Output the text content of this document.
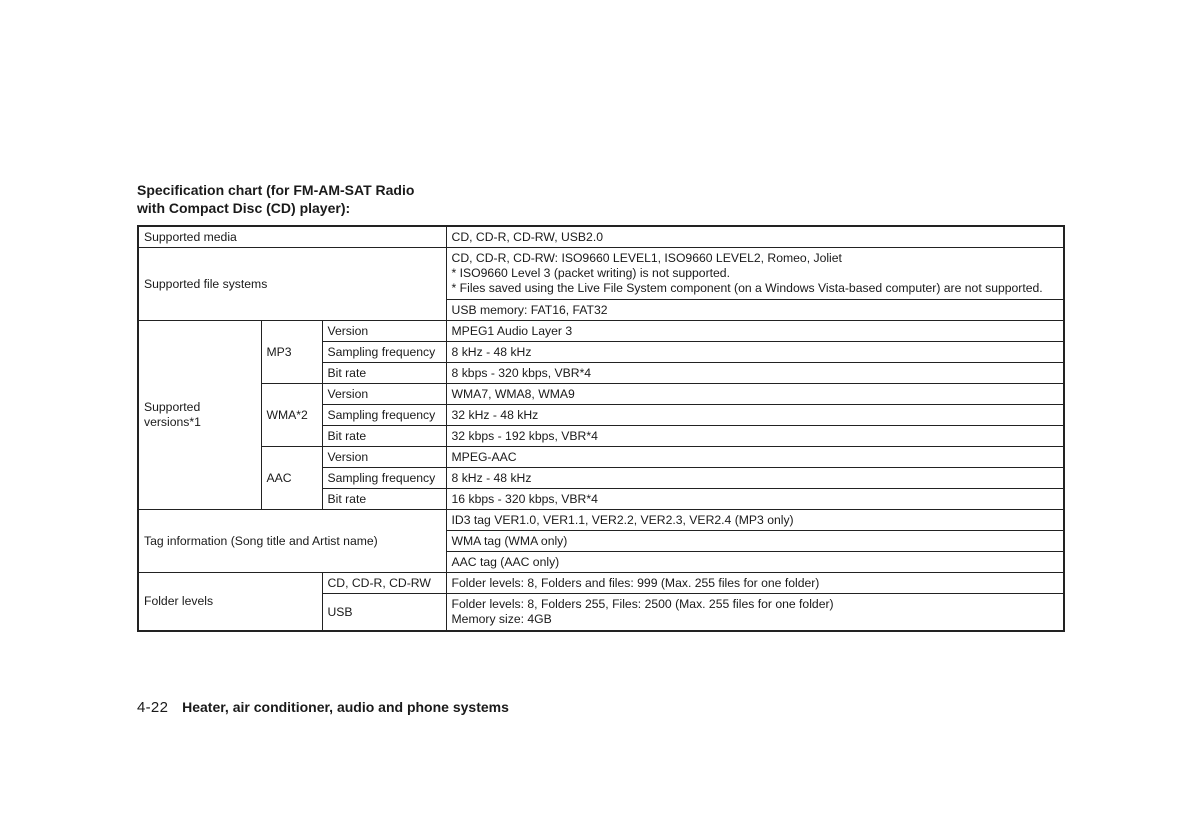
Specification chart (for FM-AM-SAT Radio
with Compact Disc (CD) player):
Supported media			CD, CD-R, CD-RW, USB2.0
Supported file systems			CD, CD-R, CD-RW: ISO9660 LEVEL1, ISO9660 LEVEL2, Romeo, Joliet
* ISO9660 Level 3 (packet writing) is not supported.
* Files saved using the Live File System component (on a Windows Vista-based computer) are not supported.

			USB memory: FAT16, FAT32

Supported
versions*1	MP3	Version	MPEG1 Audio Layer 3
		Sampling frequency	8 kHz - 48 kHz
		Bit rate	8 kbps - 320 kbps, VBR*4
	WMA*2	Version	WMA7, WMA8, WMA9
		Sampling frequency	32 kHz - 48 kHz
		Bit rate	32 kbps - 192 kbps, VBR*4
	AAC	Version	MPEG-AAC
		Sampling frequency	8 kHz - 48 kHz
		Bit rate	16 kbps - 320 kbps, VBR*4
Tag information (Song title and Artist name)			ID3 tag VER1.0, VER1.1, VER2.2, VER2.3, VER2.4 (MP3 only)
			WMA tag (WMA only)
			AAC tag (AAC only)
Folder levels		CD, CD-R, CD-RW	Folder levels: 8, Folders and files: 999 (Max. 255 files for one folder)
		USB	Folder levels: 8, Folders 255, Files: 2500 (Max. 255 files for one folder)
Memory size: 4GB
4-22 Heater, air conditioner, audio and phone systems
